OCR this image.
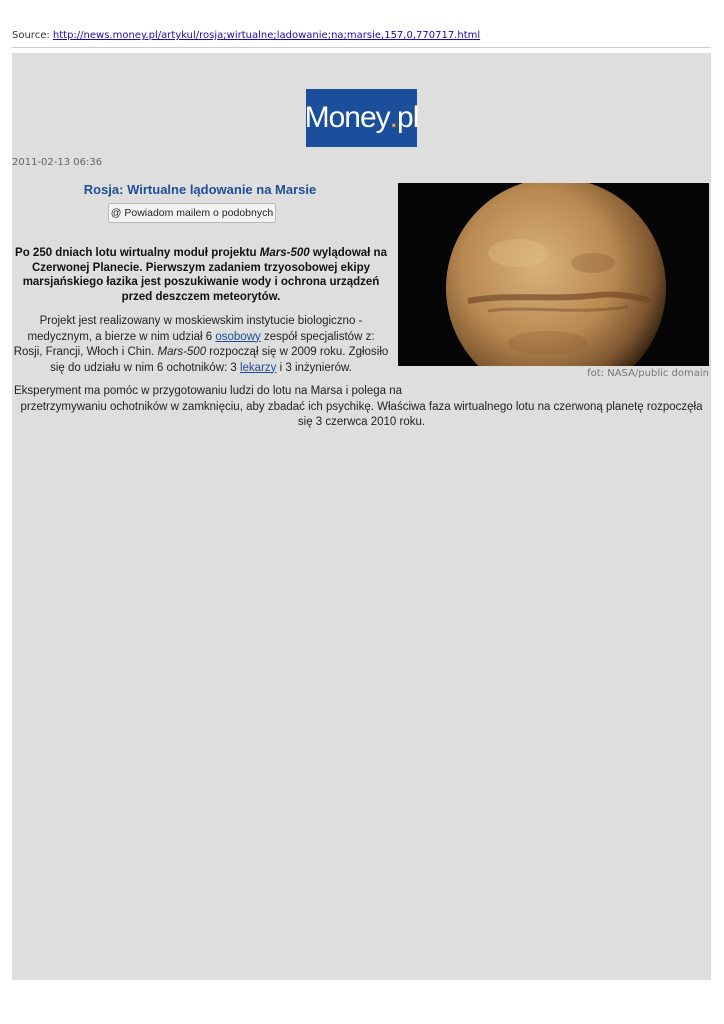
Source: http://news.money.pl/artykul/rosja;wirtualne;ladowanie;na;marsie,157,0,770717.html
Money . pl
2011-02-13 06:36
Rosja: Wirtualne lądowanie na Marsie
@ Powiadom mailem o podobnych
Po 250 dniach lotu wirtualny moduł projektu Mars-500 wylądował na Czerwonej Planecie. Pierwszym zadaniem trzyosobowej ekipy marsjańskiego łazika jest poszukiwanie wody i ochrona urządzeń przed deszczem meteorytów.
Projekt jest realizowany w moskiewskim instytucie biologiczno - medycznym, a bierze w nim udział 6 osobowy zespół specjalistów z: Rosji, Francji, Włoch i Chin. Mars-500 rozpoczął się w 2009 roku. Zgłosiło się do udziału w nim 6 ochotników: 3 lekarzy i 3 inżynierów.	fot: NASA/public domain
Eksperyment ma pomóc w przygotowaniu ludzi do lotu na Marsa i polega na
przetrzymywaniu ochotników w zamknięciu, aby zbadać ich psychikę. Właściwa faza wirtualnego lotu na czerwoną planetę rozpoczęła się 3 czerwca 2010 roku.
